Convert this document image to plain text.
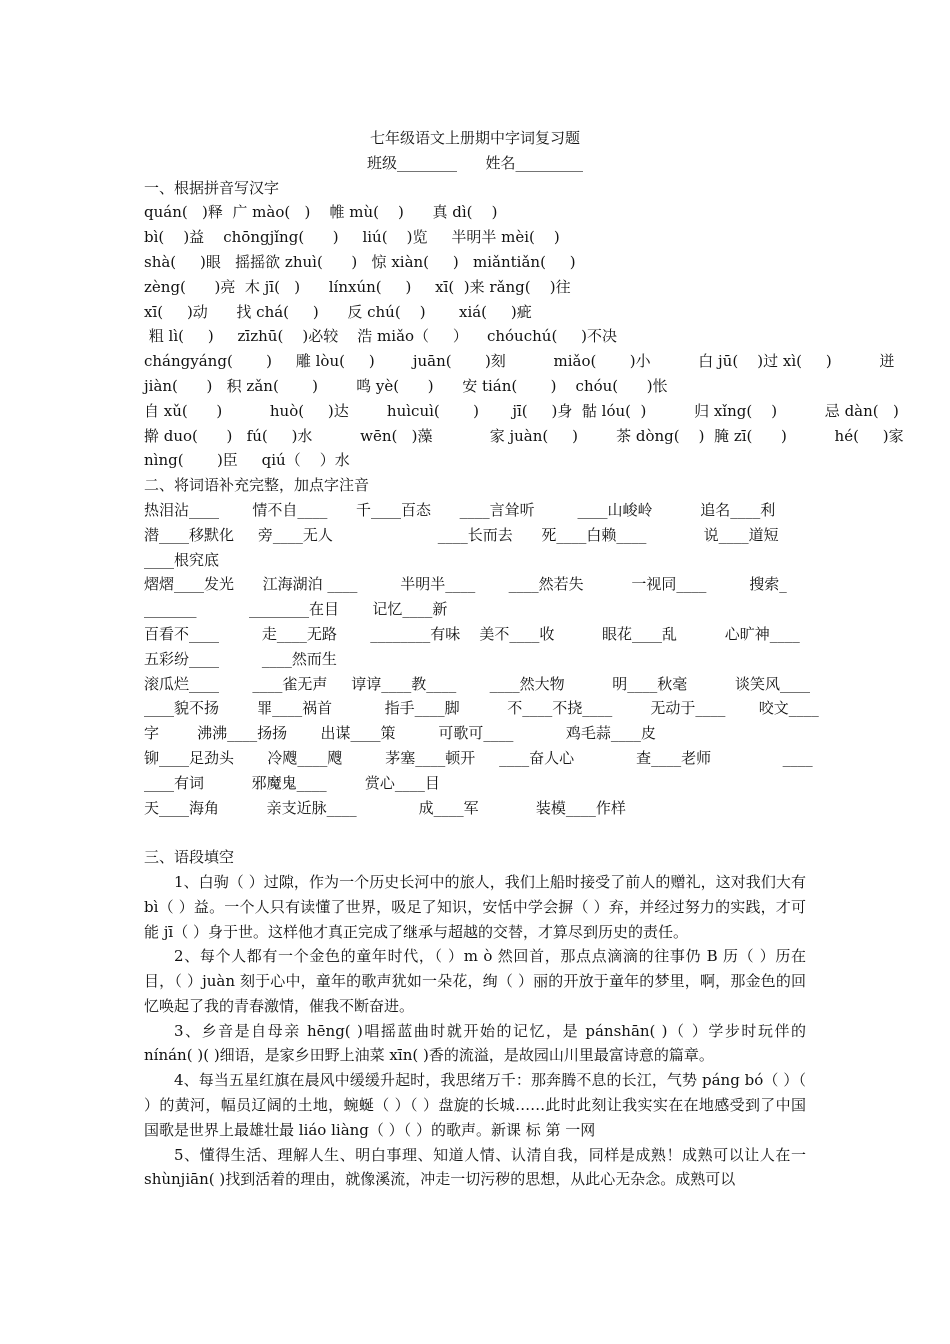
七年级语文上册期中字词复习题
班级________      姓名_________
一、根据拼音写汉字
quán(   )释  广 mào(   )    帷 mù(    )      真 dì(    )
bì(    )益    chōngjǐng(      )     liú(    )览     半明半 mèi(    )
shà(     )眼   摇摇欲 zhuì(      )   惊 xiàn(     )   miǎntiǎn(     )
zèng(      )亮  木 jī(   )      línxún(     )     xī(  )来 rǎng(    )往
xī(     )动      找 chá(     )      反 chú(    )       xiá(     )疵
粗 lì(     )     zīzhū(    )必较    浩 miǎo（     ）    chóuchú(     )不决
chángyáng(       )     雕 lòu(     )        juān(       )刻          miǎo(       )小          白 jū(    )过 xì(     )          迸
jiàn(      )   积 zǎn(       )        鸣 yè(      )      安 tián(       )    chóu(      )怅
自 xǔ(      )          huò(     )达        huìcuì(       )       jī(     )身  骷 lóu(  )          归 xǐng(    )          忌 dàn(   )
擀 duo(      )   fú(     )水          wēn(   )藻            家 juàn(     )        茶 dòng(    )  腌 zī(      )          hé(     )家
nìng(       )臣     qiú（    ）水
二、将词语补充完整，加点字注音
热泪沾____       情不自____      千____百态      ____言耸听         ____山峻岭          追名____利
潜____移默化     旁____无人                      ____长而去      死____白赖____            说____道短
____根究底
熠熠____发光      江海湖泊 ____         半明半____       ____然若失          一视同____         搜索_
_______           ________在目       记忆____新
百看不____         走____无路       ________有味    美不____收          眼花____乱          心旷神____
五彩纷____         ____然而生
滚瓜烂____       ____雀无声     谆谆____教____       ____然大物          明____秋毫          谈笑风____
____貌不扬        罪____祸首           指手____脚          不____不挠____        无动于____       咬文____
字        沸沸____扬扬       出谋____策         可歌可____           鸡毛蒜____皮
铆____足劲头       冷飕____飕         茅塞____顿开     ____奋人心             查____老师               ____
____有词          邪魔鬼____        赏心____目
天____海角          亲支近脉____             成____军            装模____作样
三、语段填空
1、白驹（ ）过隙，作为一个历史长河中的旅人，我们上船时接受了前人的赠礼，这对我们大有 bì（ ）益。一个人只有读懂了世界，吸足了知识，安恬中学会摒（ ）弃，并经过努力的实践，才可能 jī（ ）身于世。这样他才真正完成了继承与超越的交替，才算尽到历史的责任。
2、每个人都有一个金色的童年时代，（ ）m ò 然回首，那点点滴滴的往事仍 B 历（ ）历在目，（ ）juàn 刻于心中，童年的歌声犹如一朵花，绚（ ）丽的开放于童年的梦里，啊，那金色的回忆唤起了我的青春激情，催我不断奋进。
3、乡音是自母亲 hēng( )唱摇蓝曲时就开始的记忆，是 pánshān( )（ ）学步时玩伴的 nínán( )( )细语，是家乡田野上油菜 xīn( )香的流溢，是故园山川里最富诗意的篇章。
4、每当五星红旗在晨风中缓缓升起时，我思绪万千：那奔腾不息的长江，气势 páng bó（ ）（ ）的黄河，幅员辽阔的土地，蜿蜒（ ）（ ）盘旋的长城……此时此刻让我实实在在地感受到了中国国歌是世界上最雄壮最 liáo liàng（ ）（ ）的歌声。新课 标 第 一网
5、懂得生活、理解人生、明白事理、知道人情、认清自我，同样是成熟！成熟可以让人在一 shùnjiān( )找到活着的理由，就像溪流，冲走一切污秽的思想，从此心无杂念。成熟可以
